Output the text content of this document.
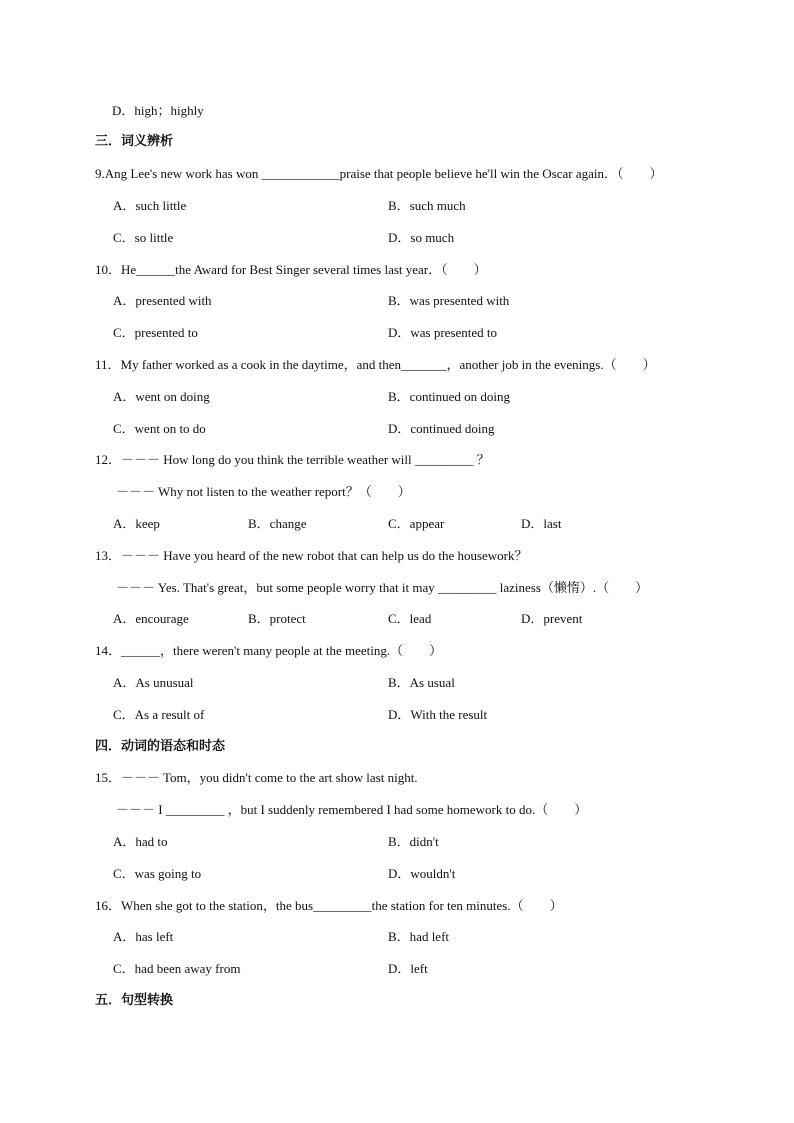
D．high；highly
三．词义辨析
9.Ang Lee's new work has won ____________praise that people believe he'll win the Oscar again．（　　）
A．such little	B．such much
C．so little	D．so much
10．He______the Award for Best Singer several times last year．（　　）
A．presented with	B．was presented with
C．presented to	D．was presented to
11．My father worked as a cook in the daytime，and then_______，another job in the evenings.（　　）
A．went on doing	B．continued on doing
C．went on to do	D．continued doing
12．－－－ How long do you think the terrible weather will _________ ？
－－－ Why not listen to the weather report？（　　）
A．keep	B．change	C．appear	D．last
13．－－－ Have you heard of the new robot that can help us do the housework？
－－－ Yes. That's great，but some people worry that it may _________ laziness（懒惰）.（　　）
A．encourage	B．protect	C．lead	D．prevent
14．______，there weren't many people at the meeting.（　　）
A．As unusual	B．As usual
C．As a result of	D．With the result
四．动词的语态和时态
15．－－－ Tom，you didn't come to the art show last night.
－－－ I _________ ，but I suddenly remembered I had some homework to do.（　　）
A．had to	B．didn't
C．was going to	D．wouldn't
16．When she got to the station，the bus_________the station for ten minutes.（　　）
A．has left	B．had left
C．had been away from	D．left
五．句型转换
